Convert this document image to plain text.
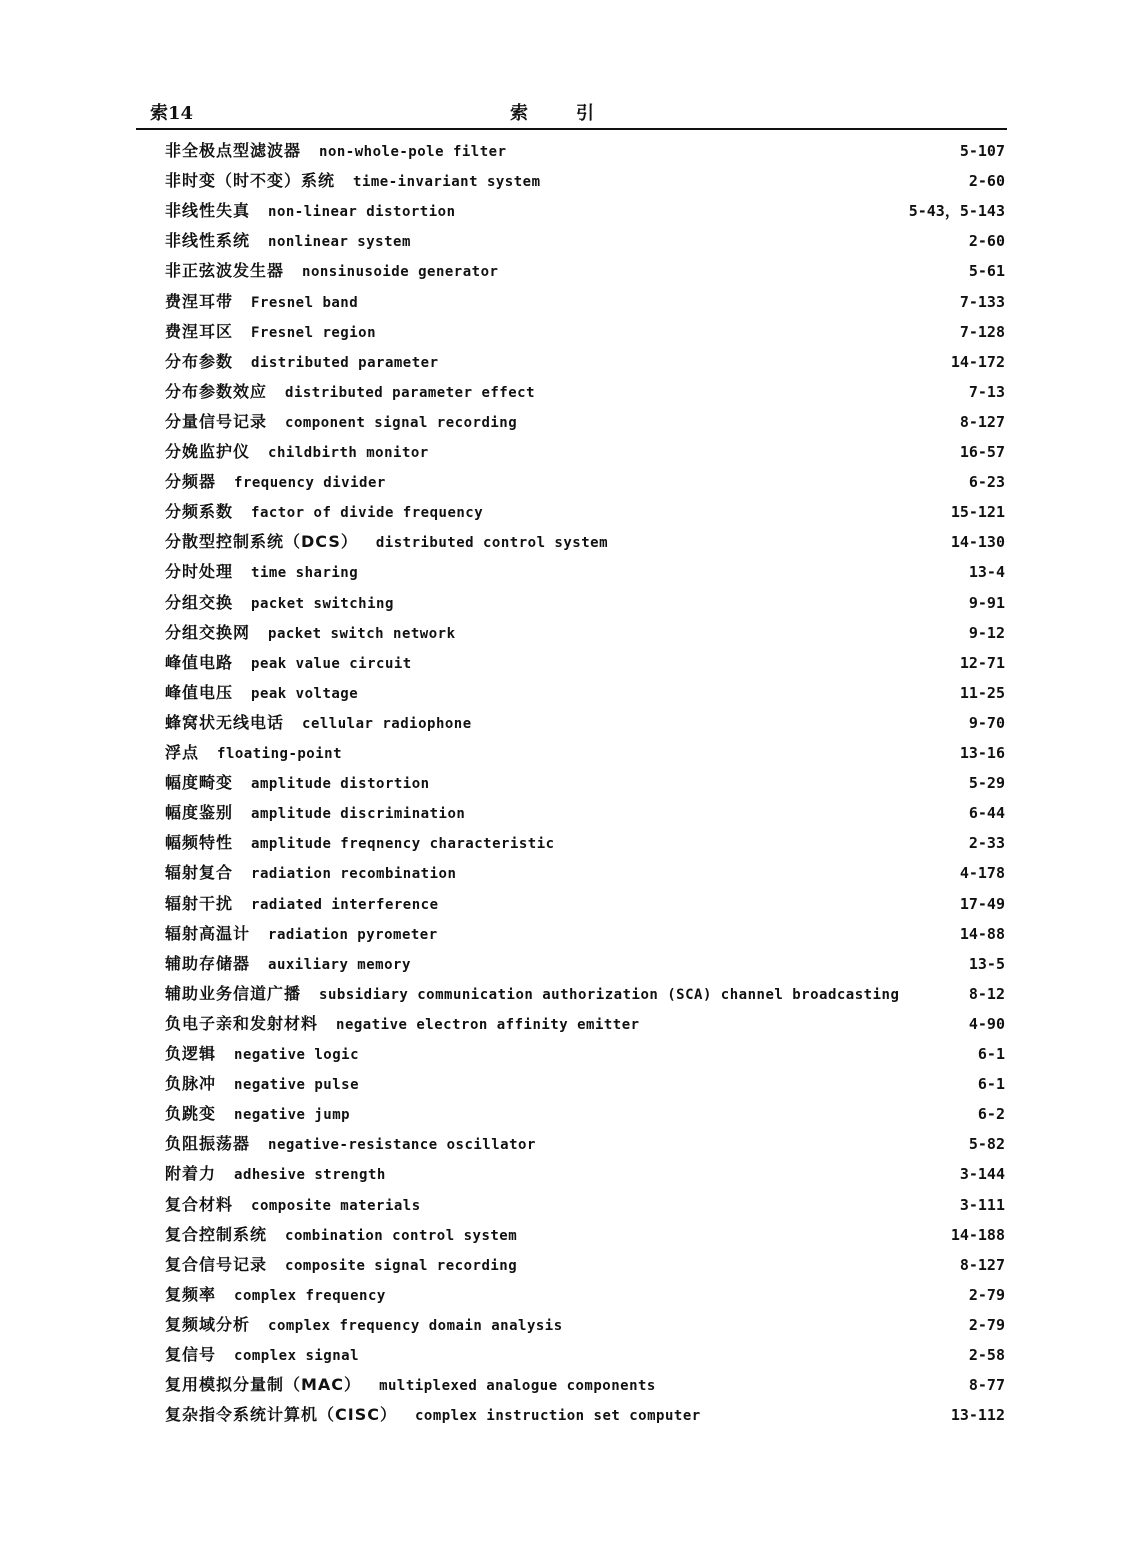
索14	索引
非全极点型滤波器 non-whole-pole filter	5-107
非时变（时不变）系统 time-invariant system	2-60
非线性失真 non-linear distortion	5-43，5-143
非线性系统 nonlinear system	2-60
非正弦波发生器 nonsinusoide generator	5-61
费涅耳带 Fresnel band	7-133
费涅耳区 Fresnel region	7-128
分布参数 distributed parameter	14-172
分布参数效应 distributed parameter effect	7-13
分量信号记录 component signal recording	8-127
分娩监护仪 childbirth monitor	16-57
分频器 frequency divider	6-23
分频系数 factor of divide frequency	15-121
分散型控制系统（DCS） distributed control system	14-130
分时处理 time sharing	13-4
分组交换 packet switching	9-91
分组交换网 packet switch network	9-12
峰值电路 peak value circuit	12-71
峰值电压 peak voltage	11-25
蜂窝状无线电话 cellular radiophone	9-70
浮点 floating-point	13-16
幅度畸变 amplitude distortion	5-29
幅度鉴别 amplitude discrimination	6-44
幅频特性 amplitude freqnency characteristic	2-33
辐射复合 radiation recombination	4-178
辐射干扰 radiated interference	17-49
辐射高温计 radiation pyrometer	14-88
辅助存储器 auxiliary memory	13-5
辅助业务信道广播 subsidiary communication authorization (SCA) channel broadcasting	8-12
负电子亲和发射材料 negative electron affinity emitter	4-90
负逻辑 negative logic	6-1
负脉冲 negative pulse	6-1
负跳变 negative jump	6-2
负阻振荡器 negative-resistance oscillator	5-82
附着力 adhesive strength	3-144
复合材料 composite materials	3-111
复合控制系统 combination control system	14-188
复合信号记录 composite signal recording	8-127
复频率 complex frequency	2-79
复频域分析 complex frequency domain analysis	2-79
复信号 complex signal	2-58
复用模拟分量制（MAC） multiplexed analogue components	8-77
复杂指令系统计算机（CISC） complex instruction set computer	13-112
